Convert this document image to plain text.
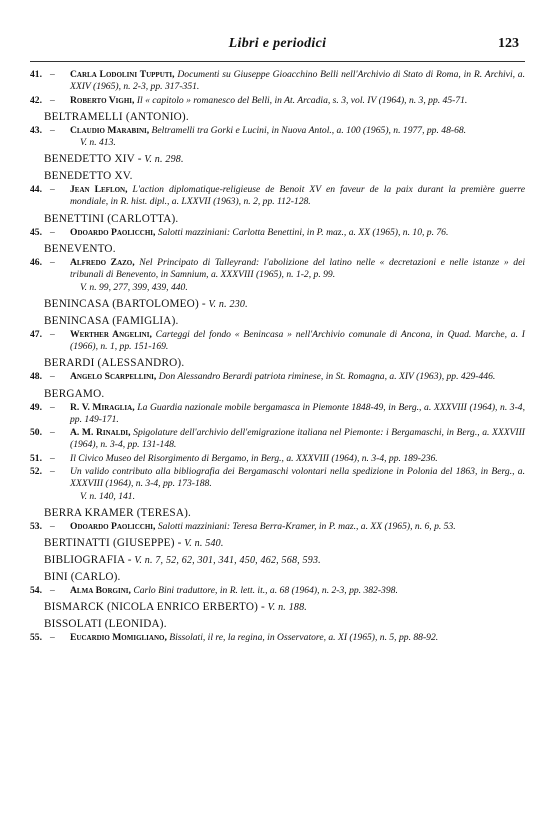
Libri e periodici	123
41. – Carla Lodolini Tupputi, Documenti su Giuseppe Gioacchino Belli nell'Archivio di Stato di Roma, in R. Archivi, a. XXIV (1965), n. 2-3, pp. 317-351.
42. – Roberto Vighi, Il « capitolo » romanesco del Belli, in At. Arcadia, s. 3, vol. IV (1964), n. 3, pp. 45-71.
BELTRAMELLI (ANTONIO).
43. – Claudio Marabini, Beltramelli tra Gorki e Lucini, in Nuova Antol., a. 100 (1965), n. 1977, pp. 48-68.
V. n. 413.
BENEDETTO XIV - V. n. 298.
BENEDETTO XV.
44. – Jean Leflon, L'action diplomatique-religieuse de Benoit XV en faveur de la paix durant la première guerre mondiale, in R. hist. dipl., a. LXXVII (1963), n. 2, pp. 112-128.
BENETTINI (CARLOTTA).
45. – Odoardo Paolicchi, Salotti mazziniani: Carlotta Benettini, in P. maz., a. XX (1965), n. 10, p. 76.
BENEVENTO.
46. – Alfredo Zazo, Nel Principato di Talleyrand: l'abolizione del latino nelle « decretazioni e nelle istanze » dei tribunali di Benevento, in Samnium, a. XXXVIII (1965), n. 1-2, p. 99.
V. n. 99, 277, 399, 439, 440.
BENINCASA (BARTOLOMEO) - V. n. 230.
BENINCASA (FAMIGLIA).
47. – Werther Angelini, Carteggi del fondo « Benincasa » nell'Archivio comunale di Ancona, in Quad. Marche, a. I (1966), n. 1, pp. 151-169.
BERARDI (ALESSANDRO).
48. – Angelo Scarpellini, Don Alessandro Berardi patriota riminese, in St. Romagna, a. XIV (1963), pp. 429-446.
BERGAMO.
49. – R. V. Miraglia, La Guardia nazionale mobile bergamasca in Piemonte 1848-49, in Berg., a. XXXVIII (1964), n. 3-4, pp. 149-171.
50. – A. M. Rinaldi, Spigolature dell'archivio dell'emigrazione italiana nel Piemonte: i Bergamaschi, in Berg., a. XXXVIII (1964), n. 3-4, pp. 131-148.
51. – Il Civico Museo del Risorgimento di Bergamo, in Berg., a. XXXVIII (1964), n. 3-4, pp. 189-236.
52. – Un valido contributo alla bibliografia dei Bergamaschi volontari nella spedizione in Polonia del 1863, in Berg., a. XXXVIII (1964), n. 3-4, pp. 173-188.
V. n. 140, 141.
BERRA KRAMER (TERESA).
53. – Odoardo Paolicchi, Salotti mazziniani: Teresa Berra-Kramer, in P. maz., a. XX (1965), n. 6, p. 53.
BERTINATTI (GIUSEPPE) - V. n. 540.
BIBLIOGRAFIA - V. n. 7, 52, 62, 301, 341, 450, 462, 568, 593.
BINI (CARLO).
54. – Alma Borgini, Carlo Bini traduttore, in R. lett. it., a. 68 (1964), n. 2-3, pp. 382-398.
BISMARCK (NICOLA ENRICO ERBERTO) - V. n. 188.
BISSOLATI (LEONIDA).
55. – Eucardio Momigliano, Bissolati, il re, la regina, in Osservatore, a. XI (1965), n. 5, pp. 88-92.
